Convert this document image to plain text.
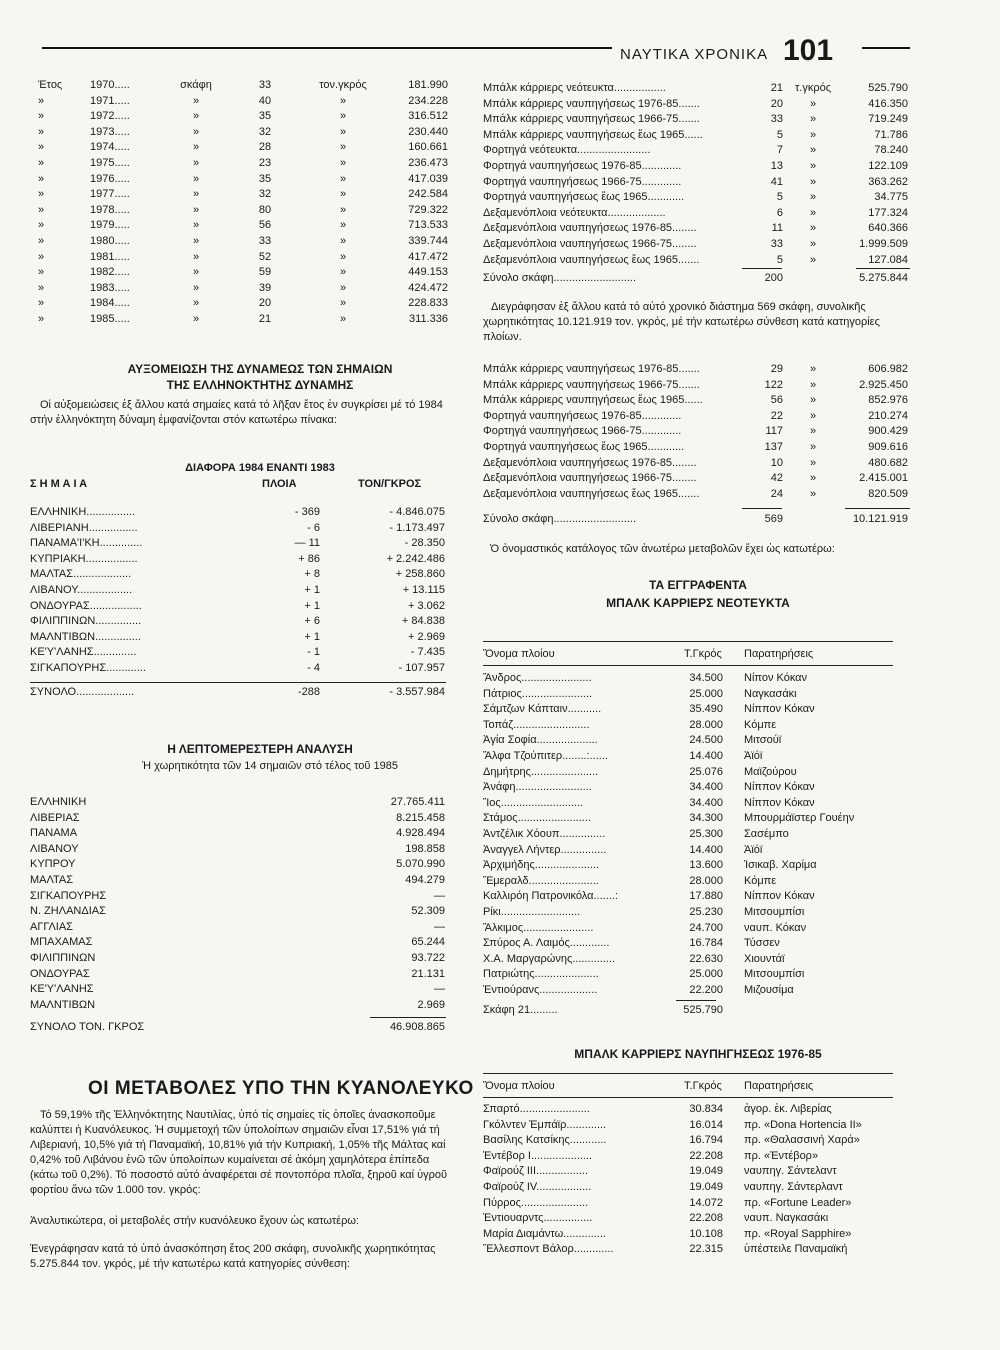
ΝΑΥΤΙΚΑ ΧΡΟΝΙΚΑ 101
Έτος	1970.....	σκάφη	33	τον.γκρός	181.990
»	1971.....	»	40	»	234.228
»	1972.....	»	35	»	316.512
»	1973.....	»	32	»	230.440
»	1974.....	»	28	»	160.661
»	1975.....	»	23	»	236.473
»	1976.....	»	35	»	417.039
»	1977.....	»	32	»	242.584
»	1978.....	»	80	»	729.322
»	1979.....	»	56	»	713.533
»	1980.....	»	33	»	339.744
»	1981.....	»	52	»	417.472
»	1982.....	»	59	»	449.153
»	1983.....	»	39	»	424.472
»	1984.....	»	20	»	228.833
»	1985.....	»	21	»	311.336
ΑΥΞΟΜΕΙΩΣΗ ΤΗΣ ΔΥΝΑΜΕΩΣ ΤΩΝ ΣΗΜΑΙΩΝ
ΤΗΣ ΕΛΛΗΝΟΚΤΗΤΗΣ ΔΥΝΑΜΗΣ
Οἱ αὐξομειώσεις ἐξ ἄλλου κατά σημαίες κατά τό λῆξαν ἔτος ἐν συγκρίσει μέ τό 1984 στήν ἑλληνόκτητη δύναμη ἐμφανίζονται στόν κατωτέρω πίνακα:
ΔΙΑΦΟΡΑ 1984 ΕΝΑΝΤΙ 1983
Σ Η Μ Α Ι Α	ΠΛΟΙΑ	ΤΟΝ/ΓΚΡΟΣ
ΕΛΛΗΝΙΚΗ................	- 369	- 4.846.075
ΛΙΒΕΡΙΑΝΗ................	- 6	- 1.173.497
ΠΑΝΑΜΑ'Ι'ΚΗ..............	— 11	- 28.350
ΚΥΠΡΙΑΚΗ.................	+ 86	+ 2.242.486
ΜΑΛΤΑΣ...................	+ 8	+ 258.860
ΛΙΒΑΝΟΥ..................	+ 1	+ 13.115
ΟΝΔΟΥΡΑΣ.................	+ 1	+ 3.062
ΦΙΛΙΠΠΙΝΩΝ...............	+ 6	+ 84.838
ΜΑΛΝΤΙΒΩΝ...............	+ 1	+ 2.969
ΚΕ'Υ'ΛΑΝΗΣ..............	- 1	- 7.435
ΣΙΓΚΑΠΟΥΡΗΣ.............	- 4	- 107.957
ΣΥΝΟΛΟ...................	-288	- 3.557.984
Η ΛΕΠΤΟΜΕΡΕΣΤΕΡΗ ΑΝΑΛΥΣΗ
Ἡ χωρητικότητα τῶν 14 σημαιῶν στό τέλος τοῦ 1985
ΕΛΛΗΝΙΚΗ	27.765.411
ΛΙΒΕΡΙΑΣ	8.215.458
ΠΑΝΑΜΑ	4.928.494
ΛΙΒΑΝΟΥ	198.858
ΚΥΠΡΟΥ	5.070.990
ΜΑΛΤΑΣ	494.279
ΣΙΓΚΑΠΟΥΡΗΣ	—
Ν. ΖΗΛΑΝΔΙΑΣ	52.309
ΑΓΓΛΙΑΣ	—
ΜΠΑΧΑΜΑΣ	65.244
ΦΙΛΙΠΠΙΝΩΝ	93.722
ΟΝΔΟΥΡΑΣ	21.131
ΚΕ'Υ'ΛΑΝΗΣ	—
ΜΑΛΝΤΙΒΩΝ	2.969
ΣΥΝΟΛΟ ΤΟΝ. ΓΚΡΟΣ	46.908.865
ΟΙ ΜΕΤΑΒΟΛΕΣ ΥΠΟ ΤΗΝ ΚΥΑΝΟΛΕΥΚΟ
Τό 59,19% τῆς Ἑλληνόκτητης Ναυτιλίας, ὑπό τίς σημαίες τίς ὁποῖες ἀνασκοποῦμε καλύπτει ἡ Κυανόλευκος. Ἡ συμμετοχή τῶν ὑπολοίπων σημαιῶν εἶναι 17,51% γιά τή Λιβεριανή, 10,5% γιά τή Παναμαϊκή, 10,81% γιά τήν Κυπριακή, 1,05% τῆς Μάλτας καί 0,42% τοῦ Λιβάνου ἐνῶ τῶν ὑπολοίπων κυμαίνεται σέ ἀκόμη χαμηλότερα ἐπίπεδα (κάτω τοῦ 0,2%). Τό ποσοστό αὐτό ἀναφέρεται σέ ποντοπόρα πλοῖα, ξηροῦ καί ὑγροῦ φορτίου ἄνω τῶν 1.000 τον. γκρός:
Ἀναλυτικώτερα, οἱ μεταβολές στήν κυανόλευκο ἔχουν ὡς κατωτέρω:
Ἐνεγράφησαν κατά τό ὑπό ἀνασκόπηση ἔτος 200 σκάφη, συνολικῆς χωρητικότητας 5.275.844 τον. γκρός, μέ τήν κατωτέρω κατά κατηγορίες σύνθεση:
Μπάλκ κάρριερς νεότευκτα.................	21	τ.γκρός	525.790
Μπάλκ κάρριερς ναυπηγήσεως 1976-85.......	20	»	416.350
Μπάλκ κάρριερς ναυπηγήσεως 1966-75.......	33	»	719.249
Μπάλκ κάρριερς ναυπηγήσεως ἕως 1965......	5	»	71.786
Φορτηγά νεότευκτα........................	7	»	78.240
Φορτηγά ναυπηγήσεως 1976-85.............	13	»	122.109
Φορτηγά ναυπηγήσεως 1966-75.............	41	»	363.262
Φορτηγά ναυπηγήσεως ἕως 1965............	5	»	34.775
Δεξαμενόπλοια νεότευκτα...................	6	»	177.324
Δεξαμενόπλοια ναυπηγήσεως 1976-85........	11	»	640.366
Δεξαμενόπλοια ναυπηγήσεως 1966-75........	33	»	1.999.509
Δεξαμενόπλοια ναυπηγήσεως ἕως 1965.......	5	»	127.084
Σύνολο σκάφη...........................	200	5.275.844
Διεγράφησαν ἐξ ἄλλου κατά τό αὐτό χρονικό διάστημα 569 σκάφη, συνολικῆς χωρητικότητας 10.121.919 τον. γκρός, μέ τήν κατωτέρω σύνθεση κατά κατηγορίες πλοίων.
Μπάλκ κάρριερς ναυπηγήσεως 1976-85.......	29	»	606.982
Μπάλκ κάρριερς ναυπηγήσεως 1966-75.......	122	»	2.925.450
Μπάλκ κάρριερς ναυπηγήσεως ἕως 1965......	56	»	852.976
Φορτηγά ναυπηγήσεως 1976-85.............	22	»	210.274
Φορτηγά ναυπηγήσεως 1966-75.............	117	»	900.429
Φορτηγά ναυπηγήσεως ἕως 1965............	137	»	909.616
Δεξαμενόπλοια ναυπηγήσεως 1976-85........	10	»	480.682
Δεξαμενόπλοια ναυπηγήσεως 1966-75........	42	»	2.415.001
Δεξαμενόπλοια ναυπηγήσεως ἕως 1965.......	24	»	820.509
Σύνολο σκάφη...........................	569	10.121.919
Ὁ ὀνομαστικός κατάλογος τῶν ἀνωτέρω μεταβολῶν ἔχει ὡς κατωτέρω:
ΤΑ ΕΓΓΡΑΦΕΝΤΑ
ΜΠΑΛΚ ΚΑΡΡΙΕΡΣ ΝΕΟΤΕΥΚΤΑ
Ὄνομα πλοίου	Τ.Γκρός Παρατηρήσεις
Ἄνδρος.......................	34.500 Νίπον Κόκαν
Πάτριος.......................	25.000 Ναγκασάκι
Σάμτζων Κάπταιν...........	35.490 Νίππον Κόκαν
Τοπάζ.........................	28.000 Κόμπε
Ἁγία Σοφία....................	24.500 Μιτσούϊ
Ἄλφα Τζούπιτερ........:......	14.400 Ἀϊόϊ
Δημήτρης......................	25.076 Μαϊζούρου
Ἀνάφη.........................	34.400 Νίππον Κόκαν
Ἴος...........................	34.400 Νίππον Κόκαν
Στάμος........................	34.300 Μπουρμάϊστερ Γουέην
Ἀντζέλικ Χόουπ...............	25.300 Σασέμπο
Ἀναγγελ Λήντερ...............	14.400 Ἀϊόϊ
Ἀρχιμήδης.....................	13.600 Ἰσικαβ. Χαρίμα
Ἔμεραλδ.......................	28.000 Κόμπε
Καλλιρόη Πατρονικόλα.......:	17.880 Νίππον Κόκαν
Ρίκι..........................	25.230 Μιτσουμπίσι
Ἄλκιμος.......................	24.700 ναυπ. Κόκαν
Σπύρος Α. Λαιμός.............	16.784 Τύσσεν
Χ.Α. Μαργαρώνης..............	22.630 Χιουντάϊ
Πατριώτης.....................	25.000 Μιτσουμπίσι
Ἐντιούρανς...................	22.200 Μιζουσίμα
Σκάφη 21.........	525.790
ΜΠΑΛΚ ΚΑΡΡΙΕΡΣ ΝΑΥΠΗΓΗΣΕΩΣ 1976-85
Ὄνομα πλοίου	Τ.Γκρός Παρατηρήσεις
Σπαρτό.......................	30.834 ἀγορ. ἐκ. Λιβερίας
Γκόλντεν Ἐμπάϊρ.............	16.014 πρ. «Dona Hortencia II»
Βασίλης Κατσίκης............	16.794 πρ. «Θαλασσινή Χαρά»
Ἐντέβορ Ι....................	22.208 πρ. «Ἐντέβορ»
Φαϊρούζ ΙΙΙ.................	19.049 ναυπηγ. Σάντελαντ
Φαϊρούζ ΙV..................	19.049 ναυπηγ. Σάντερλαντ
Πύρρος......................	14.072 πρ. «Fortune Leader»
Ἐντιουαρντς................	22.208 ναυπ. Ναγκασάκι
Μαρία Διαμάντω..............	10.108 πρ. «Royal Sapphire»
Ἔλλεσποντ Βάλορ.............	22.315 ὑπέστειλε Παναμαϊκή
